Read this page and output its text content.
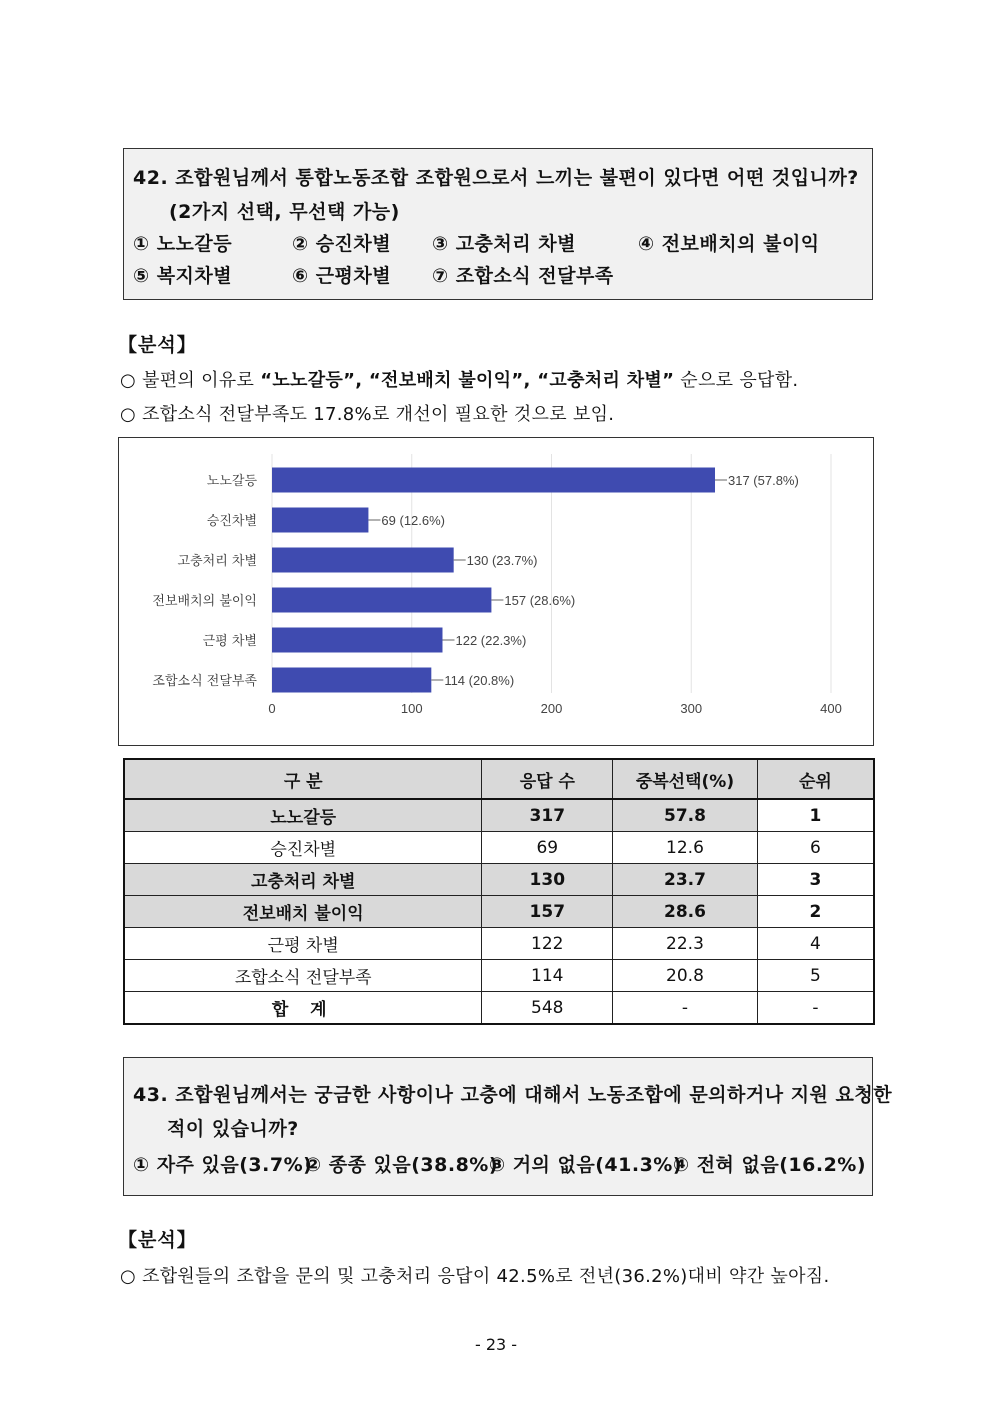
42. 조합원님께서 통합노동조합 조합원으로서 느끼는 불편이 있다면 어떤 것입니까?
(2가지 선택, 무선택 가능)
① 노노갈등	② 승진차별 ③ 고충처리 차별	④ 전보배치의 불이익
⑤ 복지차별	⑥ 근평차별 ⑦ 조합소식 전달부족
【분석】
○ 불편의 이유로 “노노갈등”, “전보배치 불이익”, “고충처리 차별” 순으로 응답함.
○ 조합소식 전달부족도 17.8%로 개선이 필요한 것으로 보임.
0	100	200	300	400
노노갈등	317 (57.8%)
승진차별	69 (12.6%)
고충처리 차별	130 (23.7%)
전보배치의 불이익	157 (28.6%)
근평 차별	122 (22.3%)
조합소식 전달부족	114 (20.8%)
구 분	응답 수	중복선택(%)	순위
노노갈등	317	57.8	1
승진차별	69	12.6	6
고충처리 차별	130	23.7	3
전보배치 불이익	157	28.6	2
근평 차별	122	22.3	4
조합소식 전달부족	114	20.8	5
합 계	548	-	-
43. 조합원님께서는 궁금한 사항이나 고충에 대해서 노동조합에 문의하거나 지원 요청한
적이 있습니까?
① 자주 있음(3.7%)
② 종종 있음(38.8%)
③ 거의 없음(41.3%)
④ 전혀 없음(16.2%)
【분석】
○ 조합원들의 조합을 문의 및 고충처리 응답이 42.5%로 전년(36.2%)대비 약간 높아짐.
- 23 -
